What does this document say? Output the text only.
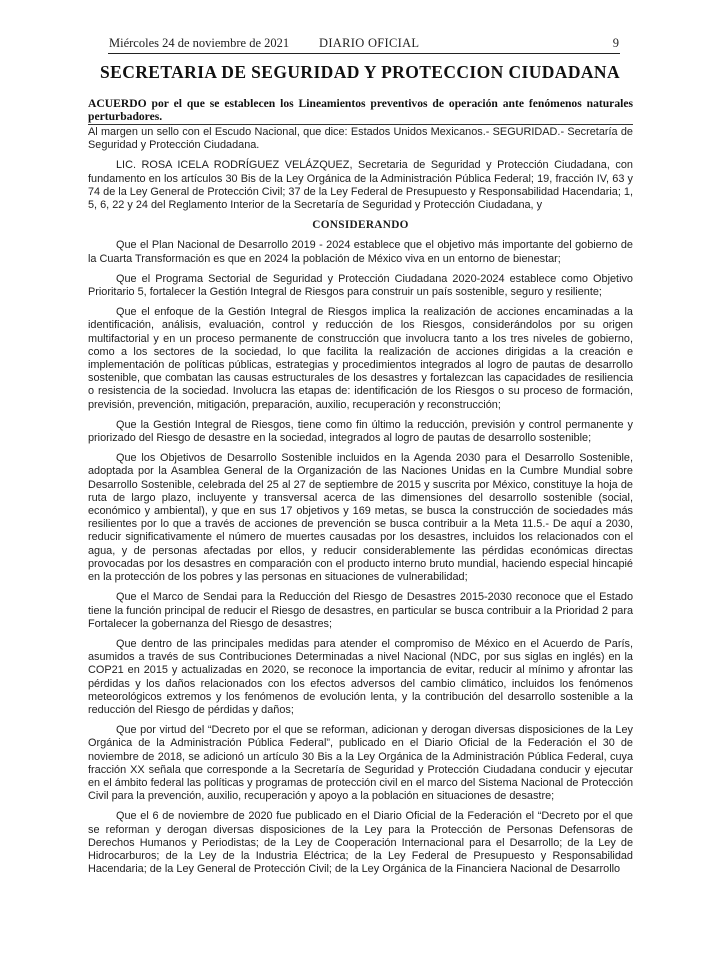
Miércoles 24 de noviembre de 2021 DIARIO OFICIAL	9
SECRETARIA DE SEGURIDAD Y PROTECCION CIUDADANA
ACUERDO por el que se establecen los Lineamientos preventivos de operación ante fenómenos naturales perturbadores.

Al margen un sello con el Escudo Nacional, que dice: Estados Unidos Mexicanos.- SEGURIDAD.- Secretaría de Seguridad y Protección Ciudadana.

LIC. ROSA ICELA RODRÍGUEZ VELÁZQUEZ, Secretaria de Seguridad y Protección Ciudadana, con fundamento en los artículos 30 Bis de la Ley Orgánica de la Administración Pública Federal; 19, fracción IV, 63 y 74 de la Ley General de Protección Civil; 37 de la Ley Federal de Presupuesto y Responsabilidad Hacendaria; 1, 5, 6, 22 y 24 del Reglamento Interior de la Secretaría de Seguridad y Protección Ciudadana, y

CONSIDERANDO

Que el Plan Nacional de Desarrollo 2019 - 2024 establece que el objetivo más importante del gobierno de la Cuarta Transformación es que en 2024 la población de México viva en un entorno de bienestar;

Que el Programa Sectorial de Seguridad y Protección Ciudadana 2020-2024 establece como Objetivo Prioritario 5, fortalecer la Gestión Integral de Riesgos para construir un país sostenible, seguro y resiliente;

Que el enfoque de la Gestión Integral de Riesgos implica la realización de acciones encaminadas a la identificación, análisis, evaluación, control y reducción de los Riesgos, considerándolos por su origen multifactorial y en un proceso permanente de construcción que involucra tanto a los tres niveles de gobierno, como a los sectores de la sociedad, lo que facilita la realización de acciones dirigidas a la creación e implementación de políticas públicas, estrategias y procedimientos integrados al logro de pautas de desarrollo sostenible, que combatan las causas estructurales de los desastres y fortalezcan las capacidades de resiliencia o resistencia de la sociedad. Involucra las etapas de: identificación de los Riesgos o su proceso de formación, previsión, prevención, mitigación, preparación, auxilio, recuperación y reconstrucción;

Que la Gestión Integral de Riesgos, tiene como fin último la reducción, previsión y control permanente y priorizado del Riesgo de desastre en la sociedad, integrados al logro de pautas de desarrollo sostenible;

Que los Objetivos de Desarrollo Sostenible incluidos en la Agenda 2030 para el Desarrollo Sostenible, adoptada por la Asamblea General de la Organización de las Naciones Unidas en la Cumbre Mundial sobre Desarrollo Sostenible, celebrada del 25 al 27 de septiembre de 2015 y suscrita por México, constituye la hoja de ruta de largo plazo, incluyente y transversal acerca de las dimensiones del desarrollo sostenible (social, económico y ambiental), y que en sus 17 objetivos y 169 metas, se busca la construcción de sociedades más resilientes por lo que a través de acciones de prevención se busca contribuir a la Meta 11.5.- De aquí a 2030, reducir significativamente el número de muertes causadas por los desastres, incluidos los relacionados con el agua, y de personas afectadas por ellos, y reducir considerablemente las pérdidas económicas directas provocadas por los desastres en comparación con el producto interno bruto mundial, haciendo especial hincapié en la protección de los pobres y las personas en situaciones de vulnerabilidad;

Que el Marco de Sendai para la Reducción del Riesgo de Desastres 2015-2030 reconoce que el Estado tiene la función principal de reducir el Riesgo de desastres, en particular se busca contribuir a la Prioridad 2 para Fortalecer la gobernanza del Riesgo de desastres;

Que dentro de las principales medidas para atender el compromiso de México en el Acuerdo de París, asumidos a través de sus Contribuciones Determinadas a nivel Nacional (NDC, por sus siglas en inglés) en la COP21 en 2015 y actualizadas en 2020, se reconoce la importancia de evitar, reducir al mínimo y afrontar las pérdidas y los daños relacionados con los efectos adversos del cambio climático, incluidos los fenómenos meteorológicos extremos y los fenómenos de evolución lenta, y la contribución del desarrollo sostenible a la reducción del Riesgo de pérdidas y daños;

Que por virtud del “Decreto por el que se reforman, adicionan y derogan diversas disposiciones de la Ley Orgánica de la Administración Pública Federal”, publicado en el Diario Oficial de la Federación el 30 de noviembre de 2018, se adicionó un artículo 30 Bis a la Ley Orgánica de la Administración Pública Federal, cuya fracción XX señala que corresponde a la Secretaría de Seguridad y Protección Ciudadana conducir y ejecutar en el ámbito federal las políticas y programas de protección civil en el marco del Sistema Nacional de Protección Civil para la prevención, auxilio, recuperación y apoyo a la población en situaciones de desastre;

Que el 6 de noviembre de 2020 fue publicado en el Diario Oficial de la Federación el “Decreto por el que se reforman y derogan diversas disposiciones de la Ley para la Protección de Personas Defensoras de Derechos Humanos y Periodistas; de la Ley de Cooperación Internacional para el Desarrollo; de la Ley de Hidrocarburos; de la Ley de la Industria Eléctrica; de la Ley Federal de Presupuesto y Responsabilidad Hacendaria; de la Ley General de Protección Civil; de la Ley Orgánica de la Financiera Nacional de Desarrollo
